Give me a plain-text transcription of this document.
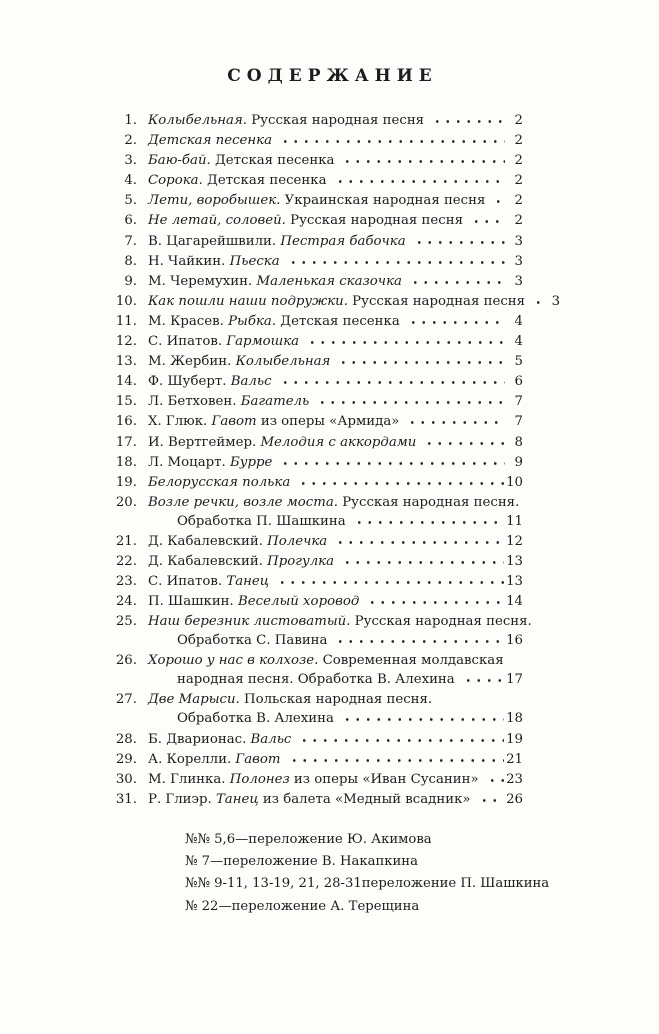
СОДЕРЖАНИЕ
1. Колыбельная. Русская народная песня	2
2. Детская песенка	2
3. Баю-бай. Детская песенка	2
4. Сорока. Детская песенка	2
5. Лети, воробышек. Украинская народная песня	2
6. Не летай, соловей. Русская народная песня	2
7. В. Цагарейшвили. Пестрая бабочка	3
8. Н. Чайкин. Пьеска	3
9. М. Черемухин. Маленькая сказочка	3
10. Как пошли наши подружки. Русская народная песня	3
11. М. Красев. Рыбка. Детская песенка	4
12. С. Ипатов. Гармошка	4
13. М. Жербин. Колыбельная	5
14. Ф. Шуберт. Вальс	6
15. Л. Бетховен. Багатель	7
16. Х. Глюк. Гавот из оперы «Армида»	7
17. И. Вертгеймер. Мелодия с аккордами	8
18. Л. Моцарт. Бурре	9
19. Белорусская полька	10
20. Возле речки, возле моста. Русская народная песня.
Обработка П. Шашкина	11
21. Д. Кабалевский. Полечка	12
22. Д. Кабалевский. Прогулка	13
23. С. Ипатов. Танец	13
24. П. Шашкин. Веселый хоровод	14
25. Наш березник листоватый. Русская народная песня.
Обработка С. Павина	16
26. Хорошо у нас в колхозе. Современная молдавская
народная песня. Обработка В. Алехина	17
27. Две Марыси. Польская народная песня.
Обработка В. Алехина	18
28. Б. Дварионас. Вальс	19
29. А. Корелли. Гавот	21
30. М. Глинка. Полонез из оперы «Иван Сусанин» 23
31. Р. Глиэр. Танец из балета «Медный всадник»	26
№№ 5,6—переложение Ю. Акимова
№ 7—переложение В. Накапкина
№№ 9-11, 13-19, 21, 28-31переложение П. Шашкина
№ 22—переложение А. Терещина
